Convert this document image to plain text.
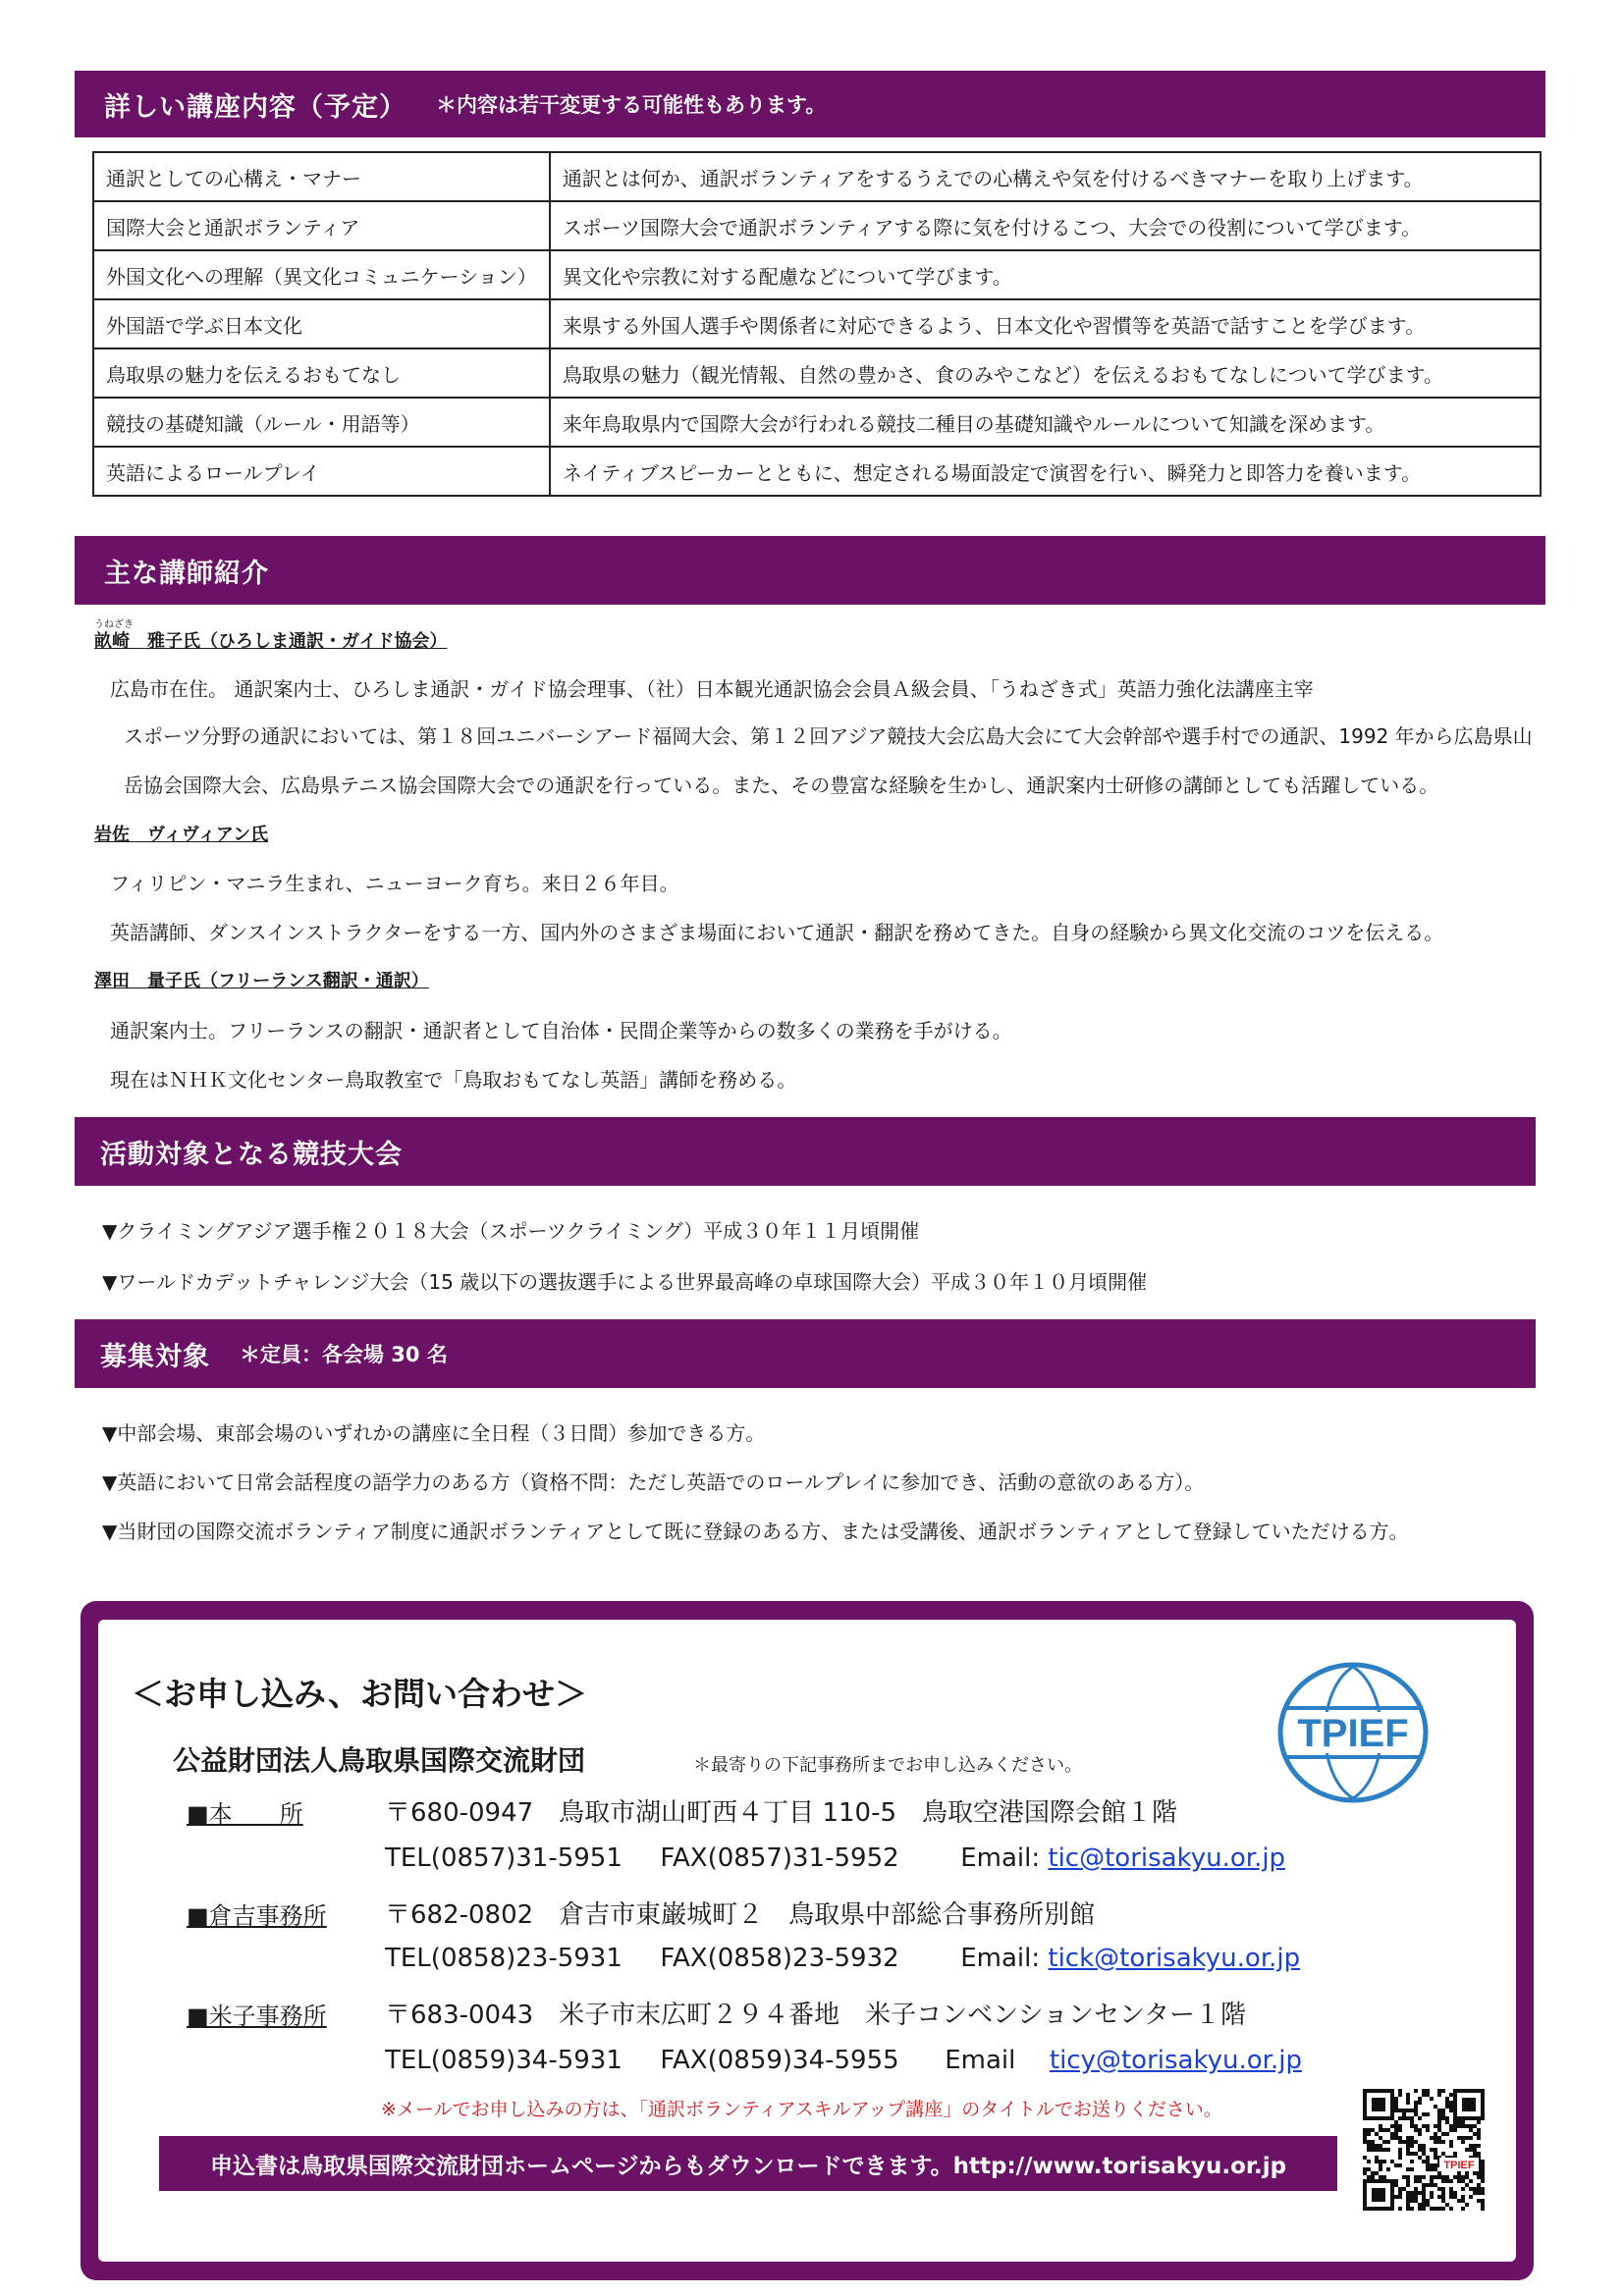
詳しい講座内容（予定） ＊内容は若干変更する可能性もあります。
通訳としての心構え・マナー	通訳とは何か、通訳ボランティアをするうえでの心構えや気を付けるべきマナーを取り上げます。
国際大会と通訳ボランティア	スポーツ国際大会で通訳ボランティアする際に気を付けるこつ、大会での役割について学びます。
外国文化への理解（異文化コミュニケーション）	異文化や宗教に対する配慮などについて学びます。
外国語で学ぶ日本文化	来県する外国人選手や関係者に対応できるよう、日本文化や習慣等を英語で話すことを学びます。
鳥取県の魅力を伝えるおもてなし	鳥取県の魅力（観光情報、自然の豊かさ、食のみやこなど）を伝えるおもてなしについて学びます。
競技の基礎知識（ルール・用語等）	来年鳥取県内で国際大会が行われる競技二種目の基礎知識やルールについて知識を深めます。
英語によるロールプレイ	ネイティブスピーカーとともに、想定される場面設定で演習を行い、瞬発力と即答力を養います。
主な講師紹介
うねざき
畝崎　雅子氏（ひろしま通訳・ガイド協会）
広島市在住。 通訳案内士、ひろしま通訳・ガイド協会理事、（社）日本観光通訳協会会員Ａ級会員、「うねざき式」英語力強化法講座主宰
スポーツ分野の通訳においては、第１８回ユニバーシアード福岡大会、第１２回アジア競技大会広島大会にて大会幹部や選手村での通訳、1992 年から広島県山
岳協会国際大会、広島県テニス協会国際大会での通訳を行っている。また、その豊富な経験を生かし、通訳案内士研修の講師としても活躍している。
岩佐　ヴィヴィアン氏
フィリピン・マニラ生まれ、ニューヨーク育ち。来日２６年目。
英語講師、ダンスインストラクターをする一方、国内外のさまざま場面において通訳・翻訳を務めてきた。自身の経験から異文化交流のコツを伝える。
澤田　量子氏（フリーランス翻訳・通訳）
通訳案内士。フリーランスの翻訳・通訳者として自治体・民間企業等からの数多くの業務を手がける。
現在はＮＨＫ文化センター鳥取教室で「鳥取おもてなし英語」講師を務める。
活動対象となる競技大会
▼クライミングアジア選手権２０１８大会（スポーツクライミング）平成３０年１１月頃開催
▼ワールドカデットチャレンジ大会（15 歳以下の選抜選手による世界最高峰の卓球国際大会）平成３０年１０月頃開催
募集対象 ＊定員：各会場 30 名
▼中部会場、東部会場のいずれかの講座に全日程（３日間）参加できる方。
▼英語において日常会話程度の語学力のある方（資格不問：ただし英語でのロールプレイに参加でき、活動の意欲のある方）。
▼当財団の国際交流ボランティア制度に通訳ボランティアとして既に登録のある方、または受講後、通訳ボランティアとして登録していただける方。
＜お申し込み、お問い合わせ＞
公益財団法人鳥取県国際交流財団	＊最寄りの下記事務所までお申し込みください。
TPIEF
■本　　所	〒680-0947　鳥取市湖山町西４丁目 110-5　鳥取空港国際会館１階
TEL(0857)31-5951 FAX(0857)31-5952 Email: tic@torisakyu.or.jp
■倉吉事務所 〒682-0802　倉吉市東巌城町２　鳥取県中部総合事務所別館
TEL(0858)23-5931 FAX(0858)23-5932 Email: tick@torisakyu.or.jp
■米子事務所 〒683-0043　米子市末広町２９４番地　米子コンベンションセンター１階
TEL(0859)34-5931 FAX(0859)34-5955 Email ticy@torisakyu.or.jp
※メールでお申し込みの方は、「通訳ボランティアスキルアップ講座」のタイトルでお送りください。
TPIEF
申込書は鳥取県国際交流財団ホームページからもダウンロードできます。http://www.torisakyu.or.jp
